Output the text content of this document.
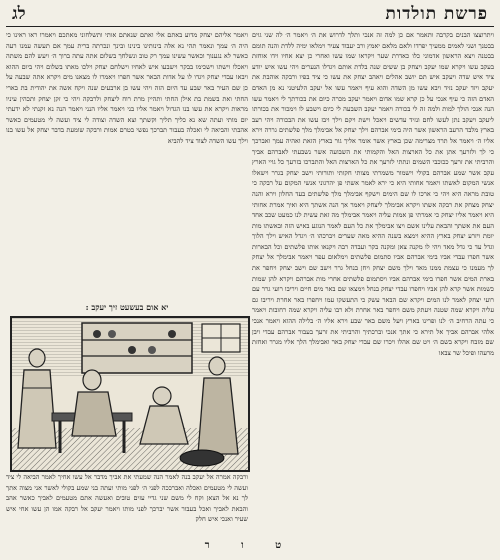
פרשת תולדות
לג

ויתרוצצו הבנים בקרבה ותאמר אם כן למה זה אנכי ותלך לדרוש את ה׳ ויאמר ה׳ לה שני גוים בבטנך ושני לאמים ממעיך יפרדו ולאם מלאם יאמץ ורב יעבוד צעיר וימלאו ימיה ללדת והנה תומם בבטנה ויצא הראשון אדמוני כלו כאדרת שער ויקראו שמו עשו ואחרי כן יצא אחיו וידו אוחזת בעקב עשו ויקרא שמו יעקב ויצחק בן ששים שנה בלדת אותם ויגדלו הנערים ויהי עשו איש יודע ציד איש שדה ויעקב איש תם יושב אהלים ויאהב יצחק את עשו כי ציד בפיו ורבקה אוהבת את יעקב ויזד יעקב נזיד ויבא עשו מן השדה והוא עיף ויאמר עשו אל יעקב הלעיטני נא מן האדם האדם הזה כי עיף אנכי על כן קרא שמו אדום ויאמר יעקב מכרה כיום את בכורתך לי ויאמר עשו הנה אנכי הולך למות ולמה זה לי בכורה ויאמר יעקב השבעה לי כיום וישבע לו וימכור את בכורתו ליעקב ויעקב נתן לעשו לחם ונזיד עדשים ויאכל וישת ויקם וילך ויבז עשו את הבכורה ויהי רעב בארץ מלבד הרעב הראשון אשר היה בימי אברהם וילך יצחק אל אבימלך מלך פלשתים גררה וירא אליו ה׳ ויאמר אל תרד מצרימה שכן בארץ אשר אומר אליך גור בארץ הזאת ואהיה עמך ואברכך כי לך ולזרעך אתן את כל הארצות האל והקמותי את השבועה אשר נשבעתי לאברהם אביך והרביתי את זרעך ככוכבי השמים ונתתי לזרעך את כל הארצות האל והתברכו בזרעך כל גויי הארץ עקב אשר שמע אברהם בקולי וישמור משמרתי מצותי חקותי ותורותי וישב יצחק בגרר וישאלו אנשי המקום לאשתו ויאמר אחותי היא כי ירא לאמר אשתי פן יהרגוני אנשי המקום על רבקה כי טובת מראה היא ויהי כי ארכו לו שם הימים וישקף אבימלך מלך פלשתים בעד החלון וירא והנה יצחק מצחק את רבקה אשתו ויקרא אבימלך ליצחק ויאמר אך הנה אשתך היא ואיך אמרת אחותי היא ויאמר אליו יצחק כי אמרתי פן אמות עליה ויאמר אבימלך מה זאת עשית לנו כמעט שכב אחד העם את אשתך והבאת עלינו אשם ויצו אבימלך את כל העם לאמר הנוגע באיש הזה ובאשתו מות יומת ויזרע יצחק בארץ ההיא וימצא בשנה ההיא מאה שערים ויברכהו ה׳ ויגדל האיש וילך הלוך וגדל עד כי גדל מאד ויהי לו מקנה צאן ומקנה בקר ועבדה רבה ויקנאו אותו פלשתים וכל הבארות אשר חפרו עבדי אביו בימי אברהם אביו סתמום פלשתים וימלאום עפר ויאמר אבימלך אל יצחק לך מעמנו כי עצמת ממנו מאד וילך משם יצחק ויחן בנחל גרר וישב שם וישב יצחק ויחפר את בארת המים אשר חפרו בימי אברהם אביו ויסתמום פלשתים אחרי מות אברהם ויקרא להן שמות כשמות אשר קרא להן אביו ויחפרו עבדי יצחק בנחל וימצאו שם באר מים חיים ויריבו רועי גרר עם רועי יצחק לאמר לנו המים ויקרא שם הבאר עשק כי התעשקו עמו ויחפרו באר אחרת ויריבו גם עליה ויקרא שמה שטנה ויעתק משם ויחפר באר אחרת ולא רבו עליה ויקרא שמה רחובות ויאמר כי עתה הרחיב ה׳ לנו ופרינו בארץ ויעל משם באר שבע וירא אליו ה׳ בלילה ההוא ויאמר אנכי אלהי אברהם אביך אל תירא כי אתך אנכי וברכתיך והרביתי את זרעך בעבור אברהם עבדי ויבן שם מזבח ויקרא בשם ה׳ ויט שם אהלו ויכרו שם עבדי יצחק באר ואבימלך הלך אליו מגרר ואחזת מרעהו ופיכל שר צבאו

ויאמר אליהם יצחק מדוע באתם אלי ואתם שנאתם אותי ותשלחוני מאתכם ויאמרו ראו ראינו כי היה ה׳ עמך ונאמר תהי נא אלה בינותינו בינינו ובינך ונכרתה ברית עמך אם תעשה עמנו רעה כאשר לא נגענוך וכאשר עשינו עמך רק טוב ונשלחך בשלום אתה עתה ברוך ה׳ ויעש להם משתה ויאכלו וישתו וישכימו בבקר וישבעו איש לאחיו וישלחם יצחק וילכו מאתו בשלום ויהי ביום ההוא ויבאו עבדי יצחק ויגדו לו על אדות הבאר אשר חפרו ויאמרו לו מצאנו מים ויקרא אתה שבעה על כן שם העיר באר שבע עד היום הזה ויהי עשו בן ארבעים שנה ויקח אשה את יהודית בת בארי החתי ואת בשמת בת אילן החתי ותהיין מרת רוח ליצחק ולרבקה ויהי כי זקן יצחק ותכהין עיניו מראות ויקרא את עשו בנו הגדול ויאמר אליו בני ויאמר אליו הנני ויאמר הנה נא זקנתי לא ידעתי יום מותי ועתה שא נא כליך תליך וקשתך וצא השדה וצודה לי ציד ועשה לי מטעמים כאשר אהבתי והביאה לי ואכלה בעבור תברכך נפשי בטרם אמות ורבקה שומעת בדבר יצחק אל עשו בנו וילך עשו השדה לצוד ציד להביא

יא אום בעשעט זיך יעקב :

ורבקה אמרה אל יעקב בנה לאמר הנה שמעתי את אביך מדבר אל עשו אחיך לאמר הביאה לי ציד ועשה לי מטעמים ואכלה ואברככה לפני ה׳ לפני מותי ועתה בני שמע בקולי לאשר אני מצוה אתך לך נא אל הצאן וקח לי משם שני גדיי עזים טובים ואעשה אתם מטעמים לאביך כאשר אהב והבאת לאביך ואכל בעבור אשר יברכך לפני מותו ויאמר יעקב אל רבקה אמו הן עשו אחי איש שעיר ואנכי איש חלק

ט ו ר
